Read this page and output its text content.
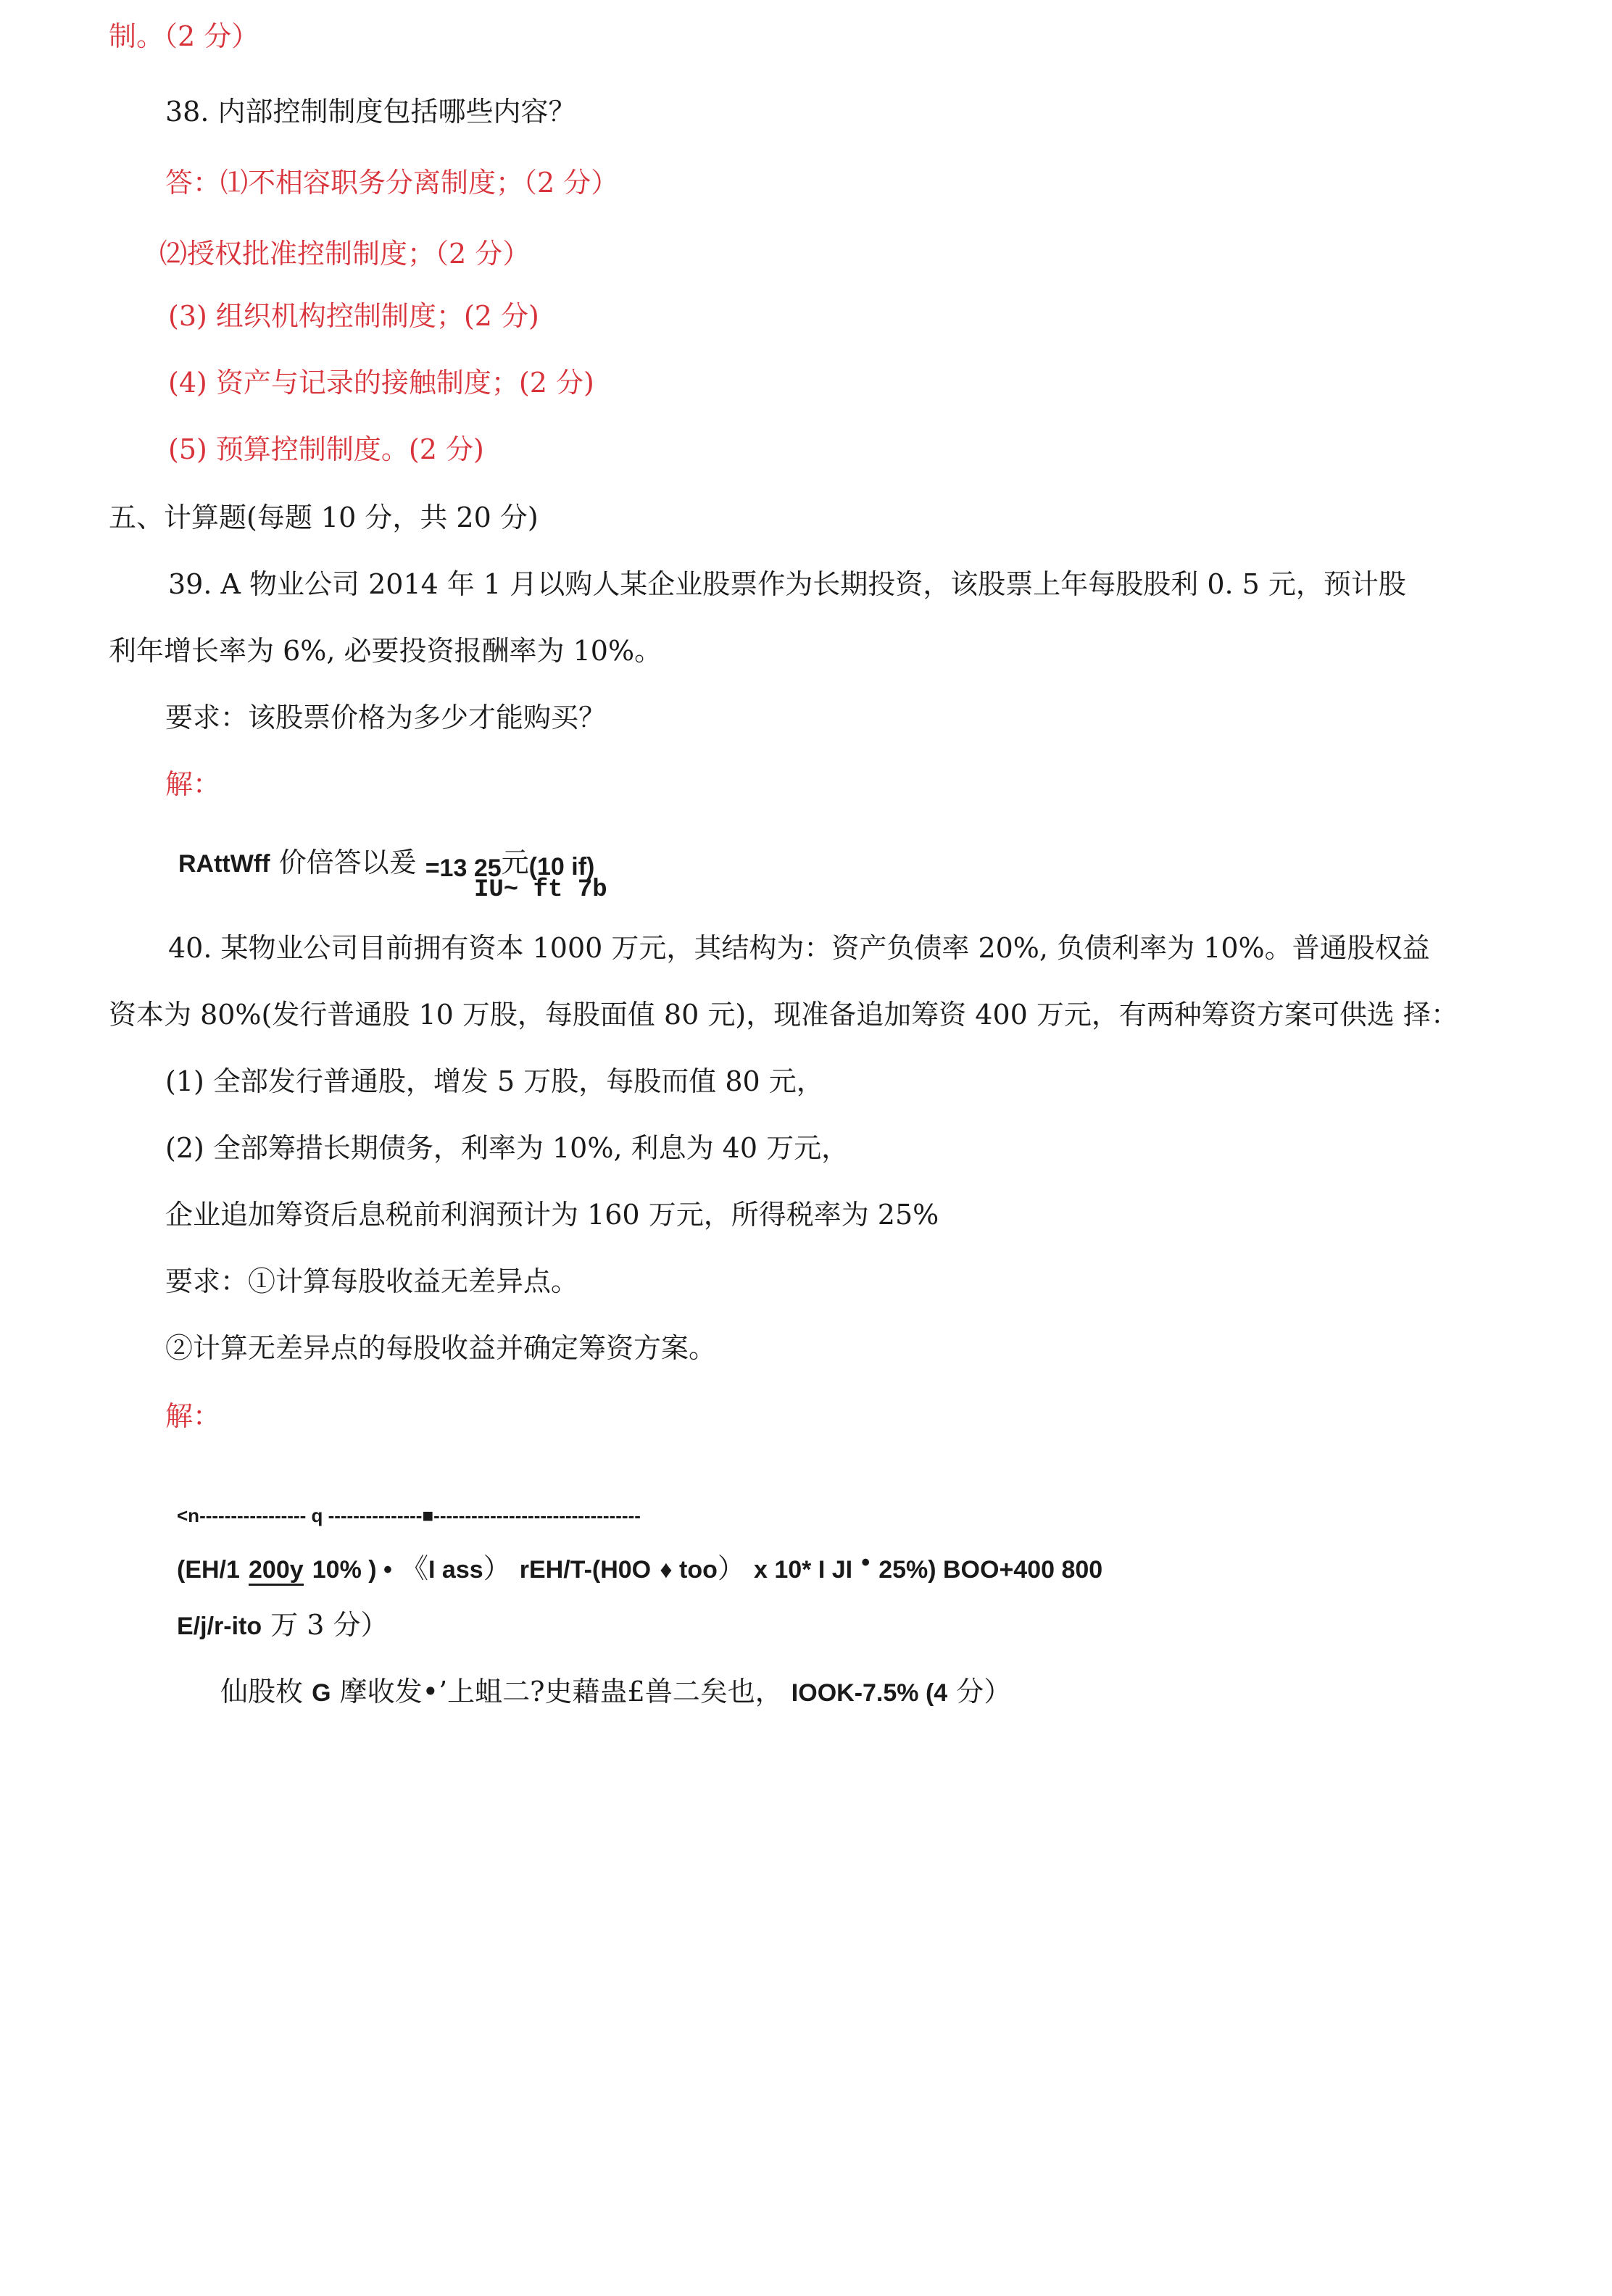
制。（2 分）
38. 内部控制制度包括哪些内容？
答：⑴不相容职务分离制度；（2 分）
⑵授权批准控制制度；（2 分）
(3) 组织机构控制制度；(2 分)
(4) 资产与记录的接触制度；(2 分)
(5) 预算控制制度。(2 分)
五、计算题(每题 10 分，共 20 分)
39. A 物业公司 2014 年 1 月以购人某企业股票作为长期投资，该股票上年每股股利 0. 5 元，预计股
利年增长率为 6%, 必要投资报酬率为 10%。
要求：该股票价格为多少才能购买？
解：
RAttWff 价倍答以爰 =13 25元(10 if)
IU~ ft 7b
40. 某物业公司目前拥有资本 1000 万元，其结构为：资产负债率 20%, 负债利率为 10%。普通股权益
资本为 80%(发行普通股 10 万股，每股面值 80 元)，现准备追加筹资 400 万元，有两种筹资方案可供选 择：
(1) 全部发行普通股，增发 5 万股，每股而值 80 元，
(2) 全部筹措长期债务，利率为 10%, 利息为 40 万元，
企业追加筹资后息税前利润预计为 160 万元，所得税率为 25%
要求：①计算每股收益无差异点。
②计算无差异点的每股收益并确定筹资方案。
解：
<n----------------- q ---------------■---------------------------------
(EH/1 200y 10% ) • 《I ass） rEH/T-(H0O ♦ too） x 10* I JI • 25%) BOO+400 800
E/j/r-ito 万 3 分）
仙股枚 G 摩收发•’上蛆二?史藉蛊£兽二矣也， IOOK-7.5% (4 分）
